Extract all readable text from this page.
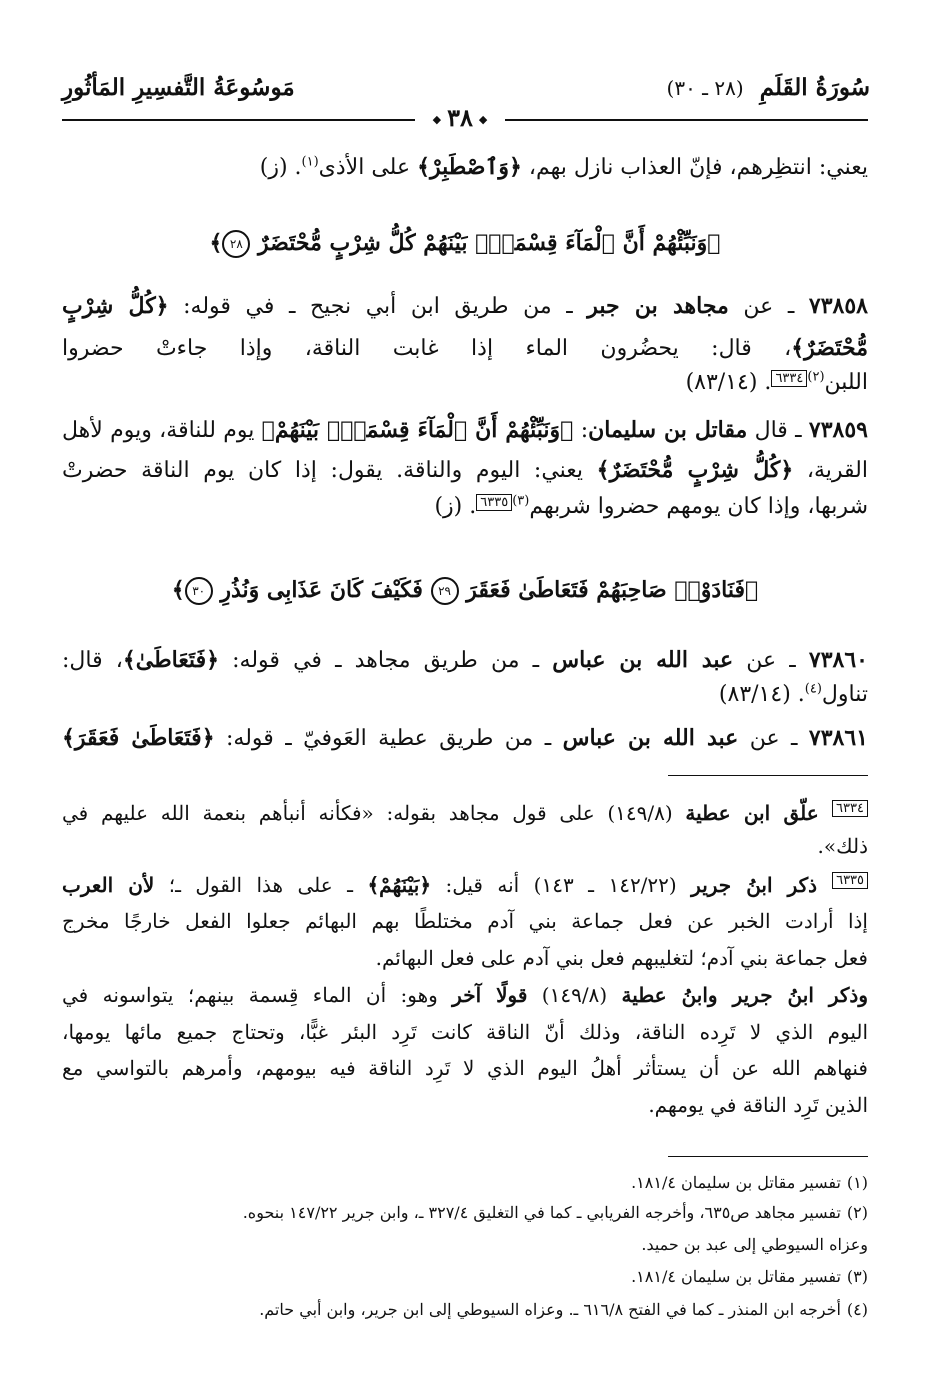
سُورَةُ القَلَمِ (٢٨ ـ ٣٠)
مَوسُوعَةُ التَّفسِيرِ المَأثُورِ
◆ ٣٨ ◆
يعني: انتظِرهم، فإنّ العذاب نازل بهم، ﴿وَٱصْطَبِرْ﴾ على الأذى$^{(١)}$. (ز)
﴿وَنَبِّئْهُمْ أَنَّ ٱلْمَآءَ قِسْمَةُۢ بَيْنَهُمْ كُلُّ شِرْبٍ مُّحْتَضَرٌ ٢٨﴾
٧٣٨٥٨ ـ عن مجاهد بن جبر ـ من طريق ابن أبي نجيح ـ في قوله: ﴿كُلُّ شِرْبٍ
مُّحْتَضَرٌ﴾، قال: يحضُرون الماء إذا غابت الناقة، وإذا جاءتْ حضروا
اللبن$^{(٢)}$٦٣٣٤. (٨٣/١٤)
٧٣٨٥٩ ـ قال مقاتل بن سليمان: ﴿وَنَبِّئْهُمْ أَنَّ ٱلْمَآءَ قِسْمَةُۢ بَيْنَهُمْ﴾ يوم للناقة، ويوم لأهل
القرية، ﴿كُلُّ شِرْبٍ مُّحْتَضَرٌ﴾ يعني: اليوم والناقة. يقول: إذا كان يوم الناقة حضرتْ
شربها، وإذا كان يومهم حضروا شربهم$^{(٣)}$٦٣٣٥. (ز)
﴿فَنَادَوْا۟ صَاحِبَهُمْ فَتَعَاطَىٰ فَعَقَرَ ٢٩ فَكَيْفَ كَانَ عَذَابِى وَنُذُرِ ٣٠﴾
٧٣٨٦٠ ـ عن عبد الله بن عباس ـ من طريق مجاهد ـ في قوله: ﴿فَتَعَاطَىٰ﴾، قال:
تناول$^{(٤)}$. (٨٣/١٤)
٧٣٨٦١ ـ عن عبد الله بن عباس ـ من طريق عطية العَوفيّ ـ قوله: ﴿فَتَعَاطَىٰ فَعَقَرَ﴾
٦٣٣٤ علّق ابن عطية (١٤٩/٨) على قول مجاهد بقوله: «فكأنه أنبأهم بنعمة الله عليهم في
ذلك».
٦٣٣٥ ذكر ابنُ جرير (١٤٢/٢٢ ـ ١٤٣) أنه قيل: ﴿بَيْنَهُمْ﴾ ـ على هذا القول ـ؛ لأن العرب
إذا أرادت الخبر عن فعل جماعة بني آدم مختلطًا بهم البهائم جعلوا الفعل خارجًا مخرج
فعل جماعة بني آدم؛ لتغليبهم فعل بني آدم على فعل البهائم.
وذكر ابنُ جرير وابنُ عطية (١٤٩/٨) قولًا آخر وهو: أن الماء قِسمة بينهم؛ يتواسونه في
اليوم الذي لا تَرِده الناقة، وذلك أنّ الناقة كانت تَرِد البئر غبًّا، وتحتاج جميع مائها يومها،
فنهاهم الله عن أن يستأثر أهلُ اليوم الذي لا تَرِد الناقة فيه بيومهم، وأمرهم بالتواسي مع
الذين تَرِد الناقة في يومهم.
(١)تفسير مقاتل بن سليمان ١٨١/٤.
(٢)تفسير مجاهد ص٦٣٥، وأخرجه الفريابي ـ كما في التغليق ٣٢٧/٤ ـ، وابن جرير ١٤٧/٢٢ بنحوه.
وعزاه السيوطي إلى عبد بن حميد.
(٣)تفسير مقاتل بن سليمان ١٨١/٤.
(٤)أخرجه ابن المنذر ـ كما في الفتح ٦١٦/٨ ـ. وعزاه السيوطي إلى ابن جرير، وابن أبي حاتم.
